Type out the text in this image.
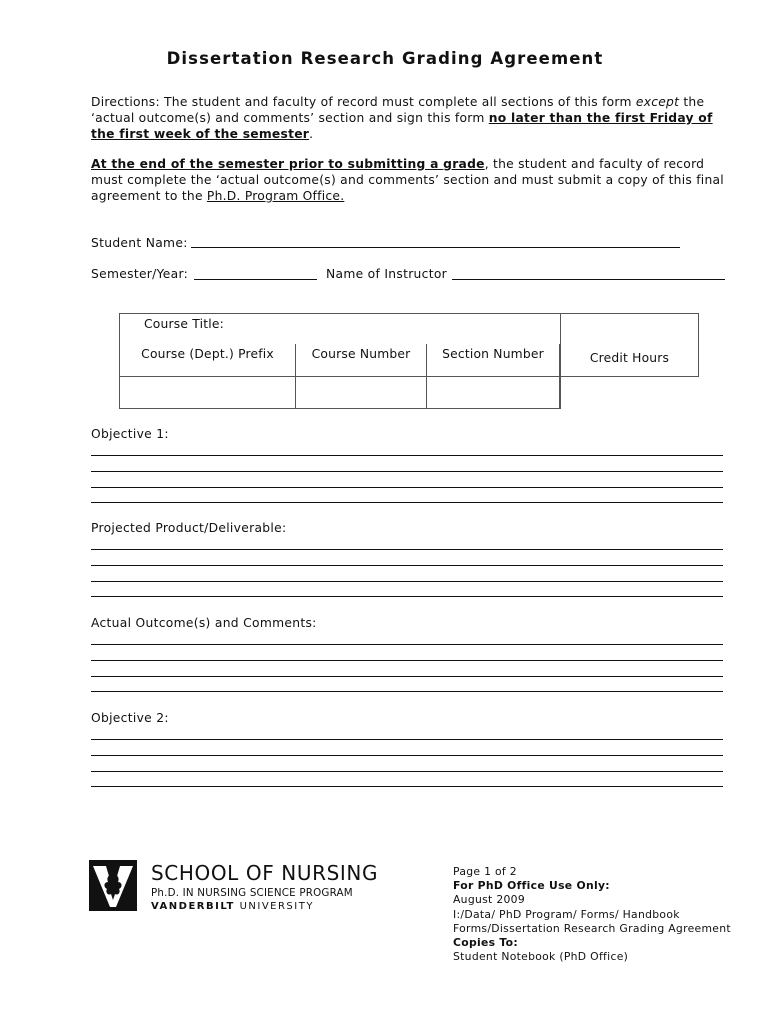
Dissertation Research Grading Agreement
Directions: The student and faculty of record must complete all sections of this form except the ‘actual outcome(s) and comments’ section and sign this form no later than the first Friday of the first week of the semester.
At the end of the semester prior to submitting a grade, the student and faculty of record must complete the ‘actual outcome(s) and comments’ section and must submit a copy of this final agreement to the Ph.D. Program Office.
Student Name:
Semester/Year:	Name of Instructor
Course Title:			Credit Hours
Course (Dept.) Prefix	Course Number	Section Number	

Objective 1:
Projected Product/Deliverable:
Actual Outcome(s) and Comments:
Objective 2:
SCHOOL OF NURSING
Ph.D. IN NURSING SCIENCE PROGRAM
VANDERBILT UNIVERSITY
Page 1 of 2
For PhD Office Use Only:
August 2009
I:/Data/ PhD Program/ Forms/ Handbook Forms/Dissertation Research Grading Agreement
Copies To:
Student Notebook (PhD Office)
